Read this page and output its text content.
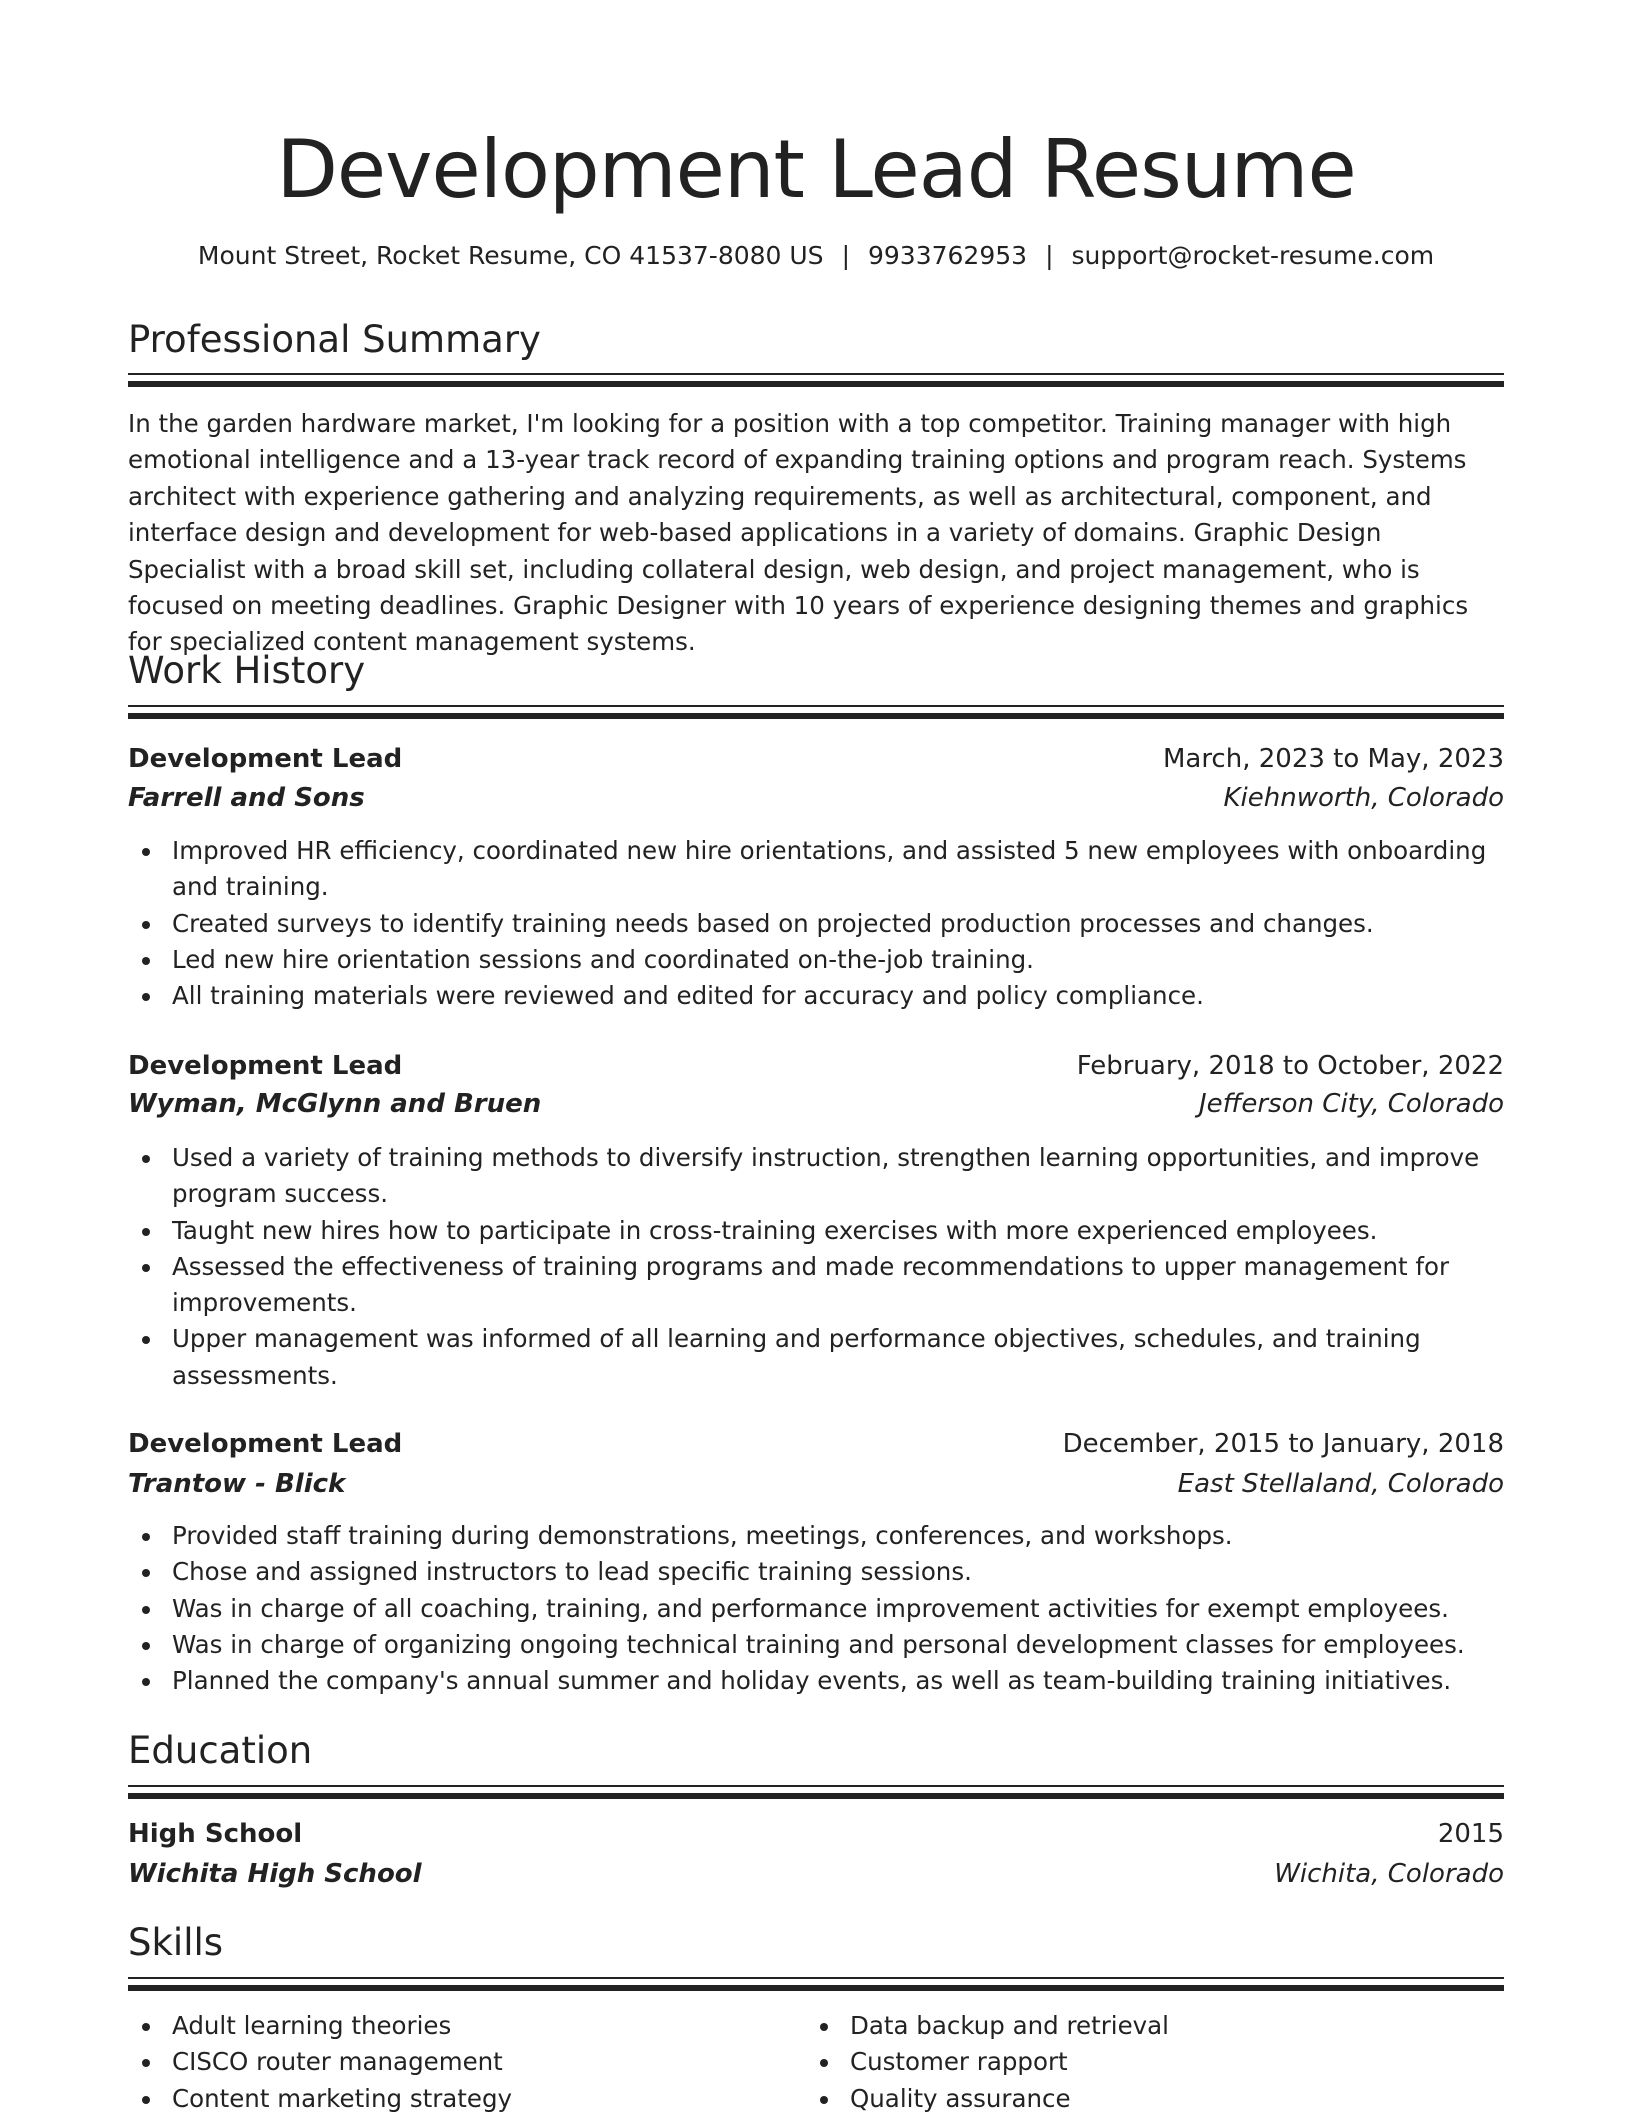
Development Lead Resume
Mount Street, Rocket Resume, CO 41537-8080 US | 9933762953 | support@rocket-resume.com
Professional Summary

In the garden hardware market, I'm looking for a position with a top competitor. Training manager with high emotional intelligence and a 13-year track record of expanding training options and program reach. Systems architect with experience gathering and analyzing requirements, as well as architectural, component, and interface design and development for web-based applications in a variety of domains. Graphic Design Specialist with a broad skill set, including collateral design, web design, and project management, who is focused on meeting deadlines. Graphic Designer with 10 years of experience designing themes and graphics for specialized content management systems.

Work History
Development Lead	March, 2023 to May, 2023
Farrell and Sons	Kiehnworth, Colorado
Improved HR efficiency, coordinated new hire orientations, and assisted 5 new employees with onboarding and training.
Created surveys to identify training needs based on projected production processes and changes.
Led new hire orientation sessions and coordinated on-the-job training.
All training materials were reviewed and edited for accuracy and policy compliance.
Development Lead	February, 2018 to October, 2022
Wyman, McGlynn and Bruen	Jefferson City, Colorado
Used a variety of training methods to diversify instruction, strengthen learning opportunities, and improve program success.
Taught new hires how to participate in cross-training exercises with more experienced employees.
Assessed the effectiveness of training programs and made recommendations to upper management for improvements.
Upper management was informed of all learning and performance objectives, schedules, and training assessments.
Development Lead	December, 2015 to January, 2018
Trantow - Blick	East Stellaland, Colorado
Provided staff training during demonstrations, meetings, conferences, and workshops.
Chose and assigned instructors to lead specific training sessions.
Was in charge of all coaching, training, and performance improvement activities for exempt employees.
Was in charge of organizing ongoing technical training and personal development classes for employees.
Planned the company's annual summer and holiday events, as well as team-building training initiatives.
Education
High School	2015
Wichita High School	Wichita, Colorado
Skills
Adult learning theories
CISCO router management
Content marketing strategy
Data backup and retrieval
Customer rapport
Quality assurance
